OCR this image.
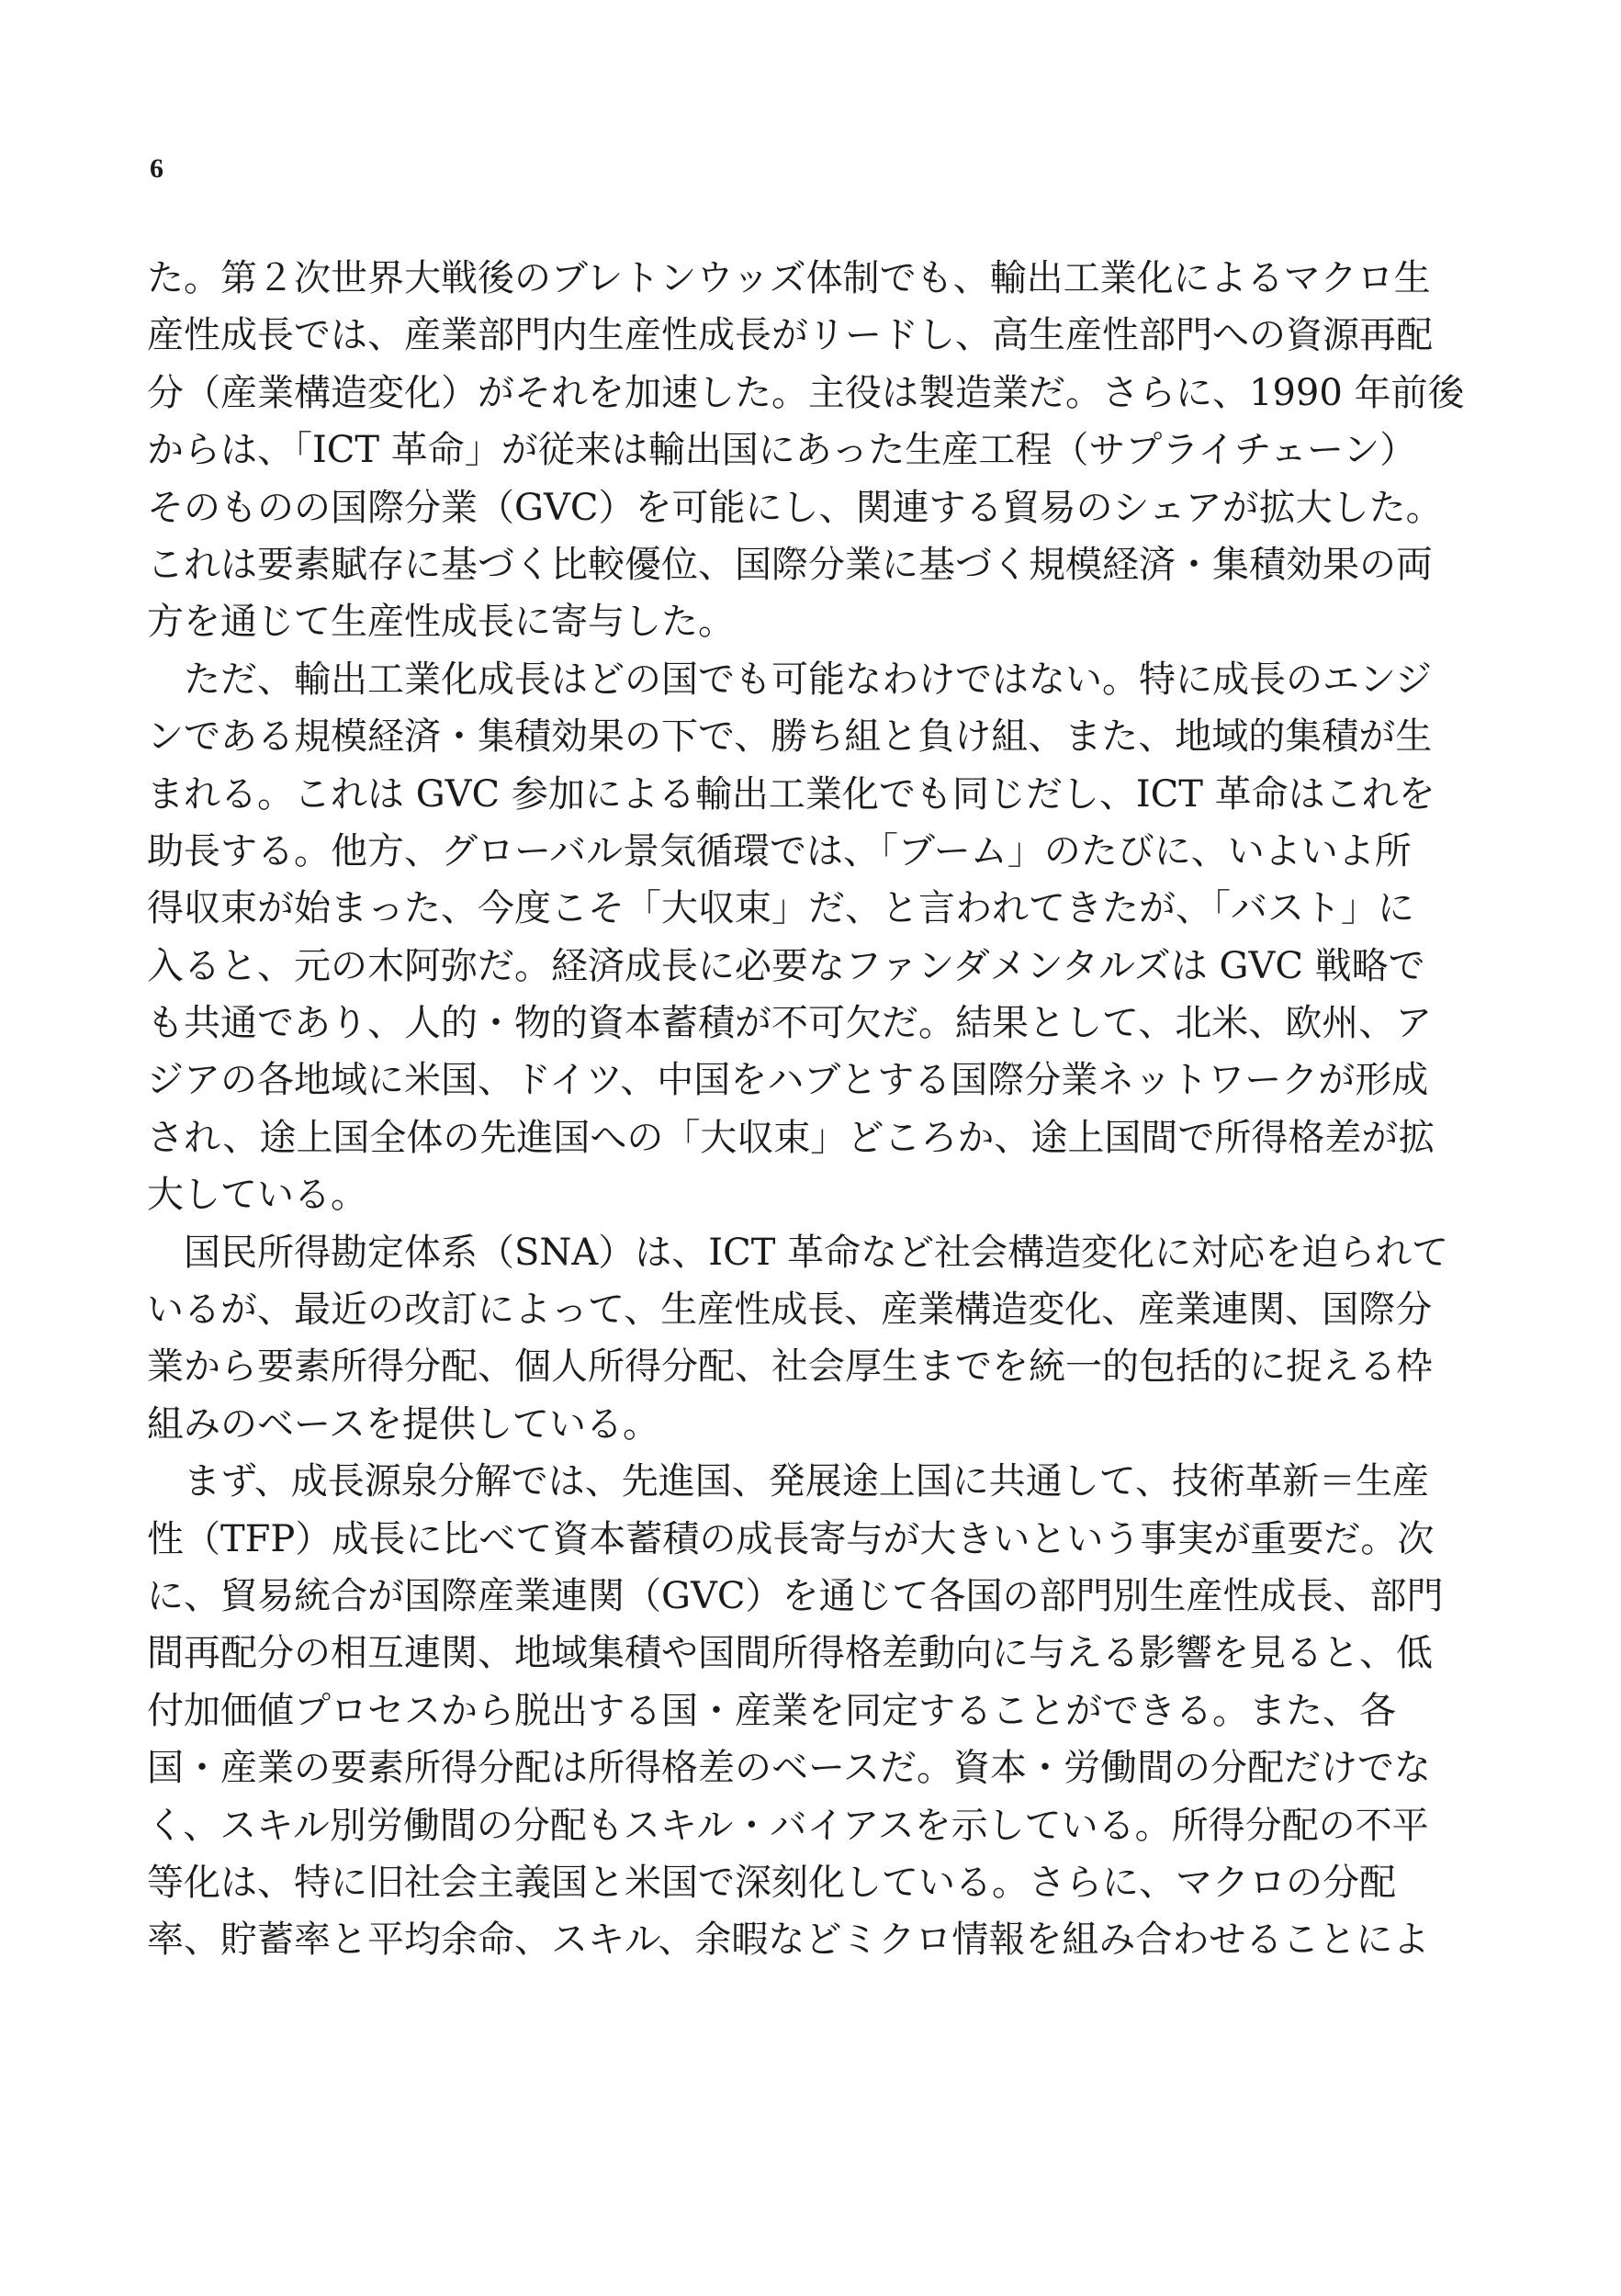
6
た。第２次世界大戦後のブレトンウッズ体制でも、輸出工業化によるマクロ生
産性成長では、産業部門内生産性成長がリードし、高生産性部門への資源再配
分（産業構造変化）がそれを加速した。主役は製造業だ。さらに、1990 年前後
からは、「ICT 革命」が従来は輸出国にあった生産工程（サプライチェーン）
そのものの国際分業（GVC）を可能にし、関連する貿易のシェアが拡大した。
これは要素賦存に基づく比較優位、国際分業に基づく規模経済・集積効果の両
方を通じて生産性成長に寄与した。
　ただ、輸出工業化成長はどの国でも可能なわけではない。特に成長のエンジ
ンである規模経済・集積効果の下で、勝ち組と負け組、また、地域的集積が生
まれる。これは GVC 参加による輸出工業化でも同じだし、ICT 革命はこれを
助長する。他方、グローバル景気循環では、「ブーム」のたびに、いよいよ所
得収束が始まった、今度こそ「大収束」だ、と言われてきたが、「バスト」に
入ると、元の木阿弥だ。経済成長に必要なファンダメンタルズは GVC 戦略で
も共通であり、人的・物的資本蓄積が不可欠だ。結果として、北米、欧州、ア
ジアの各地域に米国、ドイツ、中国をハブとする国際分業ネットワークが形成
され、途上国全体の先進国への「大収束」どころか、途上国間で所得格差が拡
大している。
　国民所得勘定体系（SNA）は、ICT 革命など社会構造変化に対応を迫られて
いるが、最近の改訂によって、生産性成長、産業構造変化、産業連関、国際分
業から要素所得分配、個人所得分配、社会厚生までを統一的包括的に捉える枠
組みのベースを提供している。
　まず、成長源泉分解では、先進国、発展途上国に共通して、技術革新＝生産
性（TFP）成長に比べて資本蓄積の成長寄与が大きいという事実が重要だ。次
に、貿易統合が国際産業連関（GVC）を通じて各国の部門別生産性成長、部門
間再配分の相互連関、地域集積や国間所得格差動向に与える影響を見ると、低
付加価値プロセスから脱出する国・産業を同定することができる。また、各
国・産業の要素所得分配は所得格差のベースだ。資本・労働間の分配だけでな
く、スキル別労働間の分配もスキル・バイアスを示している。所得分配の不平
等化は、特に旧社会主義国と米国で深刻化している。さらに、マクロの分配
率、貯蓄率と平均余命、スキル、余暇などミクロ情報を組み合わせることによ
